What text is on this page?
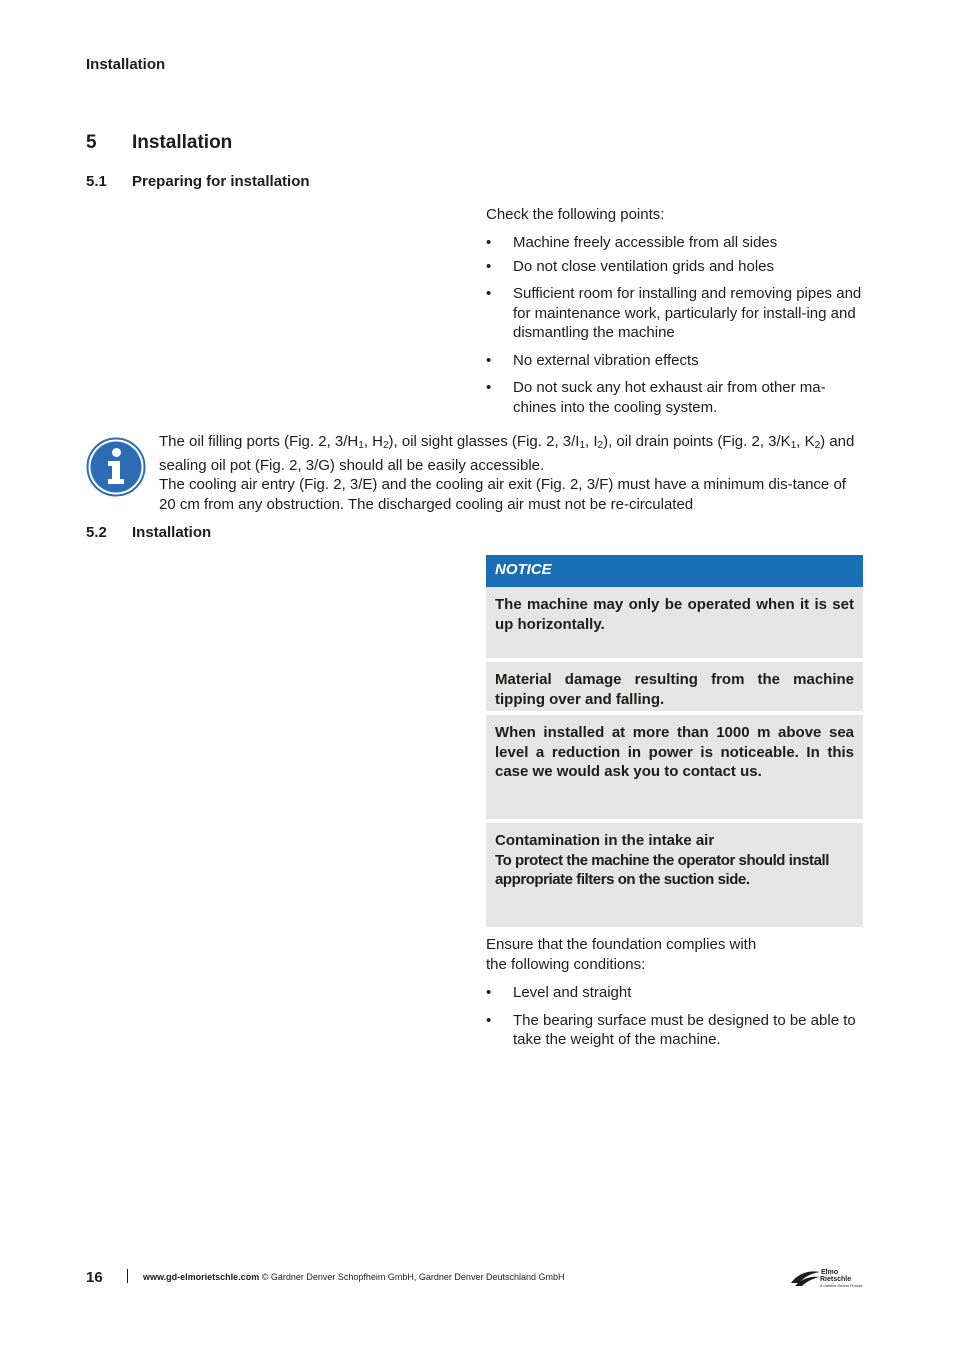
Installation
5 Installation
5.1 Preparing for installation
Check the following points:
• Machine freely accessible from all sides
• Do not close ventilation grids and holes
• Sufficient room for installing and removing pipes and for maintenance work, particularly for install-ing and dismantling the machine
• No external vibration effects
• Do not suck any hot exhaust air from other ma-chines into the cooling system.
The oil filling ports (Fig. 2, $3/H_1$, $H_2$), oil sight glasses (Fig. 2, $3/I_1$, $I_2$), oil drain points (Fig. 2, $3/K_1$, $K_2$) and sealing oil pot (Fig. 2, 3/G) should all be easily accessible.
The cooling air entry (Fig. 2, 3/E) and the cooling air exit (Fig. 2, 3/F) must have a minimum dis-tance of 20 cm from any obstruction. The discharged cooling air must not be re-circulated
5.2 Installation
NOTICE
The machine may only be operated when it is set up horizontally.
Material damage resulting from the machine tipping over and falling.
When installed at more than 1000 m above sea level a reduction in power is noticeable. In this case we would ask you to contact us.
Contamination in the intake air
To protect the machine the operator should install appropriate filters on the suction side.
Ensure that the foundation complies with
the following conditions:
• Level and straight
• The bearing surface must be designed to be able to take the weight of the machine.
16	www.gd-elmorietschle.com © Gardner Denver Schopfheim GmbH, Gardner Denver Deutschland GmbH	Elmo
Rietschle
A Gardner Denver Product
